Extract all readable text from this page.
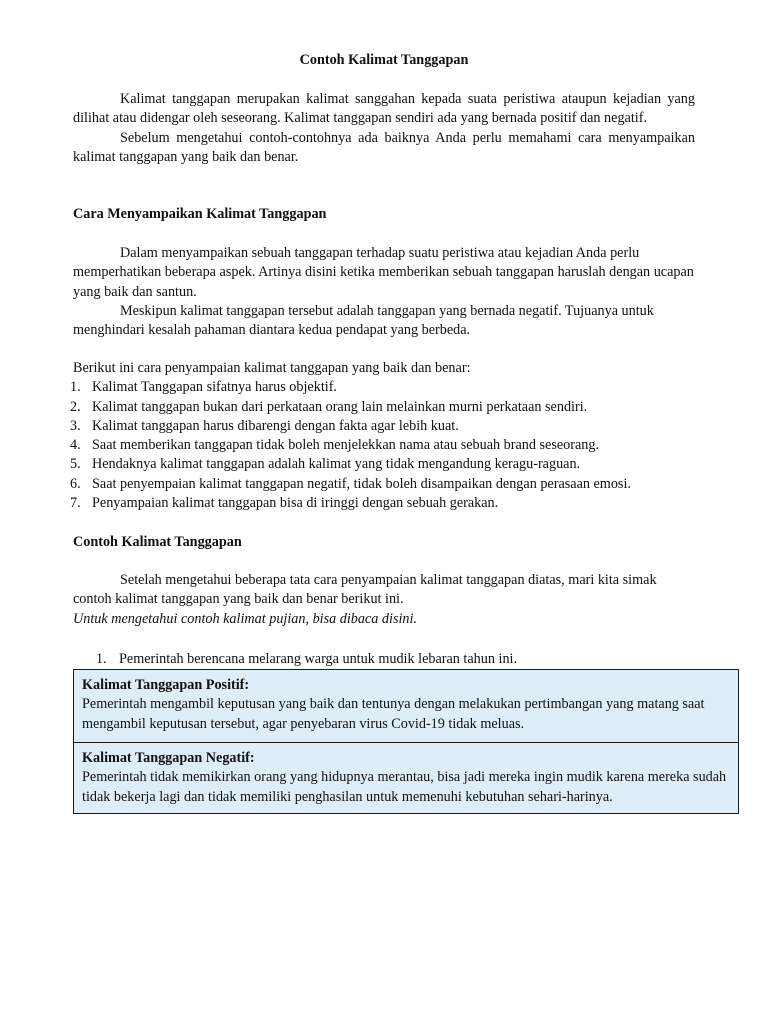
Contoh Kalimat Tanggapan

Kalimat tanggapan merupakan kalimat sanggahan kepada suata peristiwa ataupun kejadian yang dilihat atau didengar oleh seseorang. Kalimat tanggapan sendiri ada yang bernada positif dan negatif.

Sebelum mengetahui contoh-contohnya ada baiknya Anda perlu memahami cara menyampaikan kalimat tanggapan yang baik dan benar.

Cara Menyampaikan Kalimat Tanggapan

Dalam menyampaikan sebuah tanggapan terhadap suatu peristiwa atau kejadian Anda perlu memperhatikan beberapa aspek. Artinya disini ketika memberikan sebuah tanggapan haruslah dengan ucapan yang baik dan santun.

Meskipun kalimat tanggapan tersebut adalah tanggapan yang bernada negatif. Tujuanya untuk menghindari kesalah pahaman diantara kedua pendapat yang berbeda.

Berikut ini cara penyampaian kalimat tanggapan yang baik dan benar:

1. Kalimat Tanggapan sifatnya harus objektif.
2. Kalimat tanggapan bukan dari perkataan orang lain melainkan murni perkataan sendiri.
3. Kalimat tanggapan harus dibarengi dengan fakta agar lebih kuat.
4. Saat memberikan tanggapan tidak boleh menjelekkan nama atau sebuah brand seseorang.
5. Hendaknya kalimat tanggapan adalah kalimat yang tidak mengandung keragu-raguan.
6. Saat penyempaian kalimat tanggapan negatif, tidak boleh disampaikan dengan perasaan emosi.
7. Penyampaian kalimat tanggapan bisa di iringgi dengan sebuah gerakan.
Contoh Kalimat Tanggapan

Setelah mengetahui beberapa tata cara penyampaian kalimat tanggapan diatas, mari kita simak contoh kalimat tanggapan yang baik dan benar berikut ini.

Untuk mengetahui contoh kalimat pujian, bisa dibaca disini.

1. Pemerintah berencana melarang warga untuk mudik lebaran tahun ini.
Kalimat Tanggapan Positif:

Pemerintah mengambil keputusan yang baik dan tentunya dengan melakukan pertimbangan yang matang saat mengambil keputusan tersebut, agar penyebaran virus Covid-19 tidak meluas.

Kalimat Tanggapan Negatif:

Pemerintah tidak memikirkan orang yang hidupnya merantau, bisa jadi mereka ingin mudik karena mereka sudah tidak bekerja lagi dan tidak memiliki penghasilan untuk memenuhi kebutuhan sehari-harinya.
